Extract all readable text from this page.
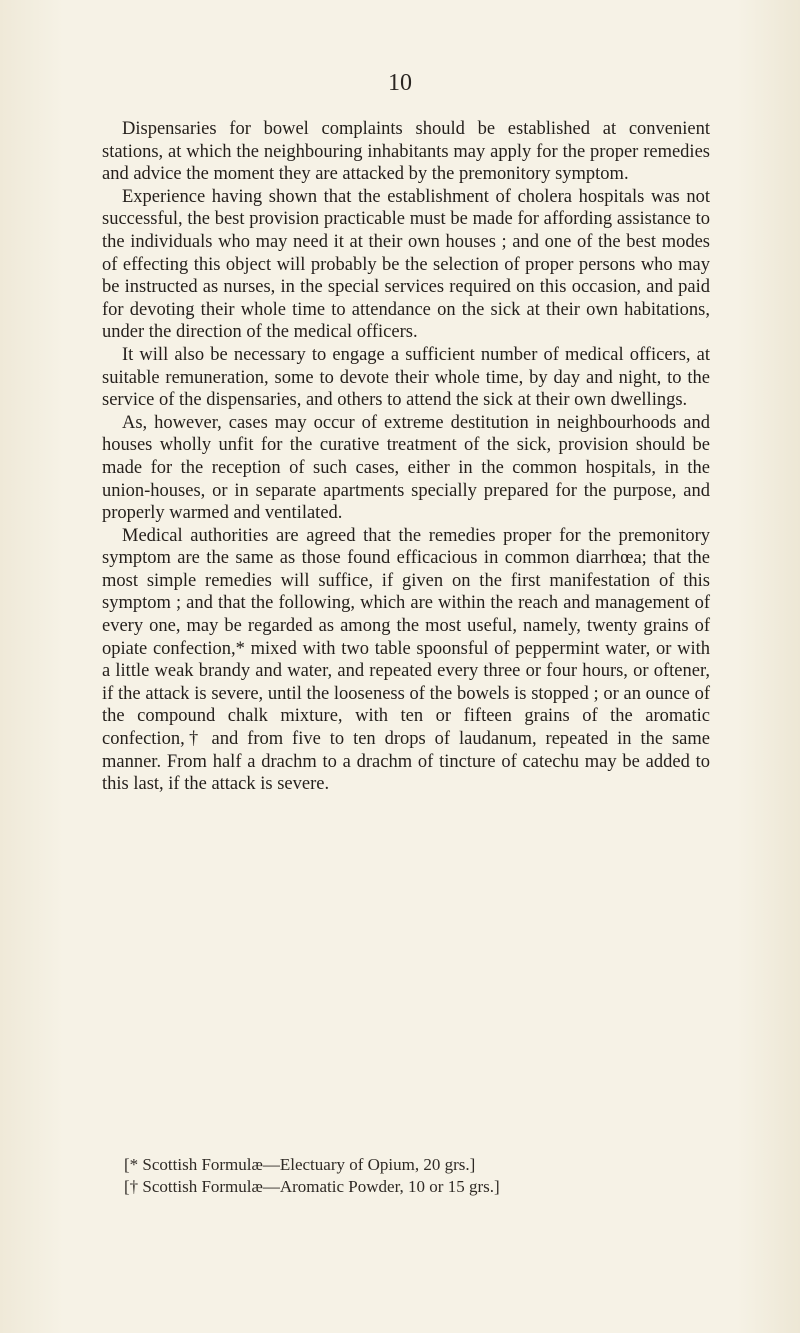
10

Dispensaries for bowel complaints should be established at convenient stations, at which the neighbouring inhabitants may apply for the proper remedies and advice the moment they are attacked by the premonitory symptom.

Experience having shown that the establishment of cholera hospitals was not successful, the best provision practicable must be made for affording assistance to the individuals who may need it at their own houses ; and one of the best modes of effecting this object will probably be the selection of proper persons who may be instructed as nurses, in the special services required on this occasion, and paid for devoting their whole time to attendance on the sick at their own habitations, under the direction of the medical officers.

It will also be necessary to engage a sufficient number of medical officers, at suitable remuneration, some to devote their whole time, by day and night, to the service of the dispensaries, and others to attend the sick at their own dwellings.

As, however, cases may occur of extreme destitution in neighbourhoods and houses wholly unfit for the curative treatment of the sick, provision should be made for the reception of such cases, either in the common hospitals, in the union-houses, or in separate apartments specially prepared for the purpose, and properly warmed and ventilated.

Medical authorities are agreed that the remedies proper for the premonitory symptom are the same as those found efficacious in common diarrhœa; that the most simple remedies will suffice, if given on the first manifestation of this symptom ; and that the following, which are within the reach and management of every one, may be regarded as among the most useful, namely, twenty grains of opiate confection,* mixed with two table spoonsful of peppermint water, or with a little weak brandy and water, and repeated every three or four hours, or oftener, if the attack is severe, until the looseness of the bowels is stopped ; or an ounce of the compound chalk mixture, with ten or fifteen grains of the aromatic confection,† and from five to ten drops of laudanum, repeated in the same manner. From half a drachm to a drachm of tincture of catechu may be added to this last, if the attack is severe.

[* Scottish Formulæ—Electuary of Opium, 20 grs.]

[† Scottish Formulæ—Aromatic Powder, 10 or 15 grs.]
